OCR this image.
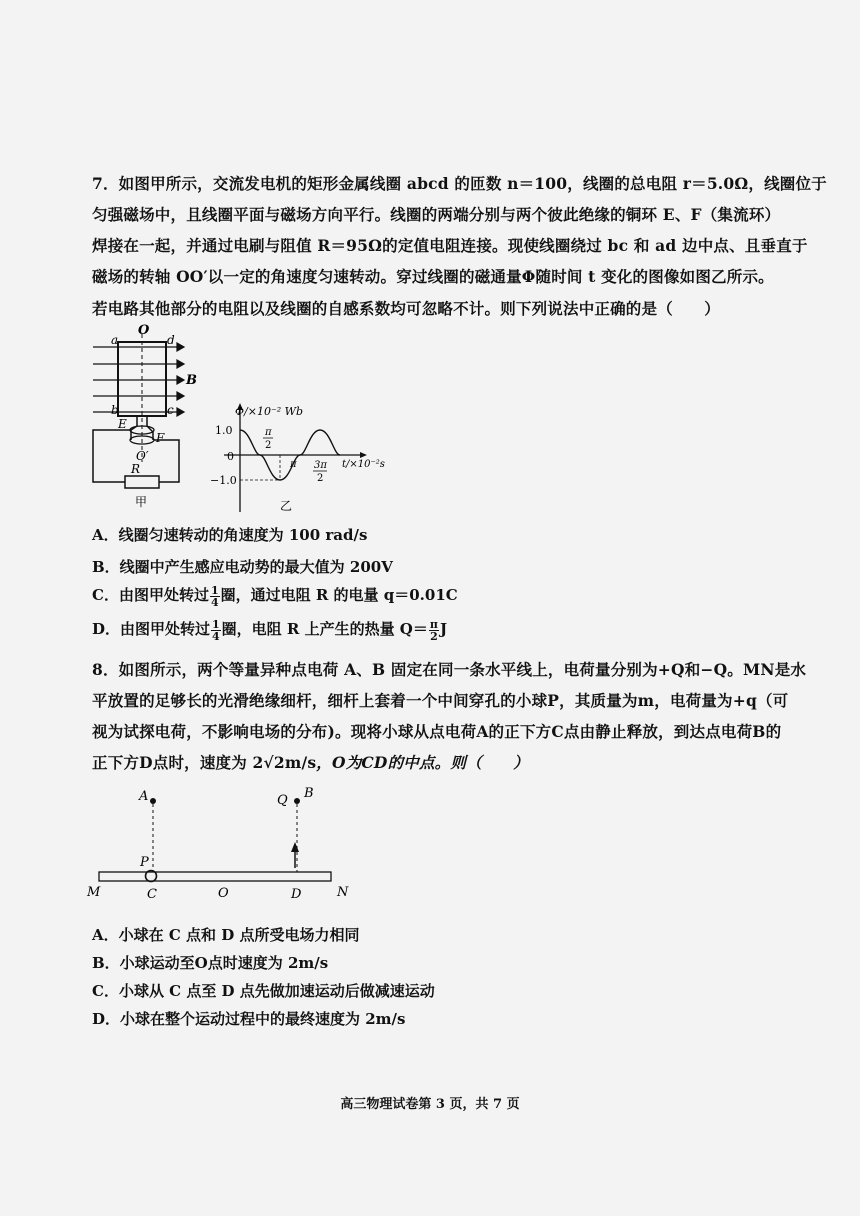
7．如图甲所示，交流发电机的矩形金属线圈 abcd 的匝数 n＝100，线圈的总电阻 r＝5.0Ω，线圈位于
匀强磁场中，且线圈平面与磁场方向平行。线圈的两端分别与两个彼此绝缘的铜环 E、F（集流环）
焊接在一起，并通过电刷与阻值 R＝95Ω的定值电阻连接。现使线圈绕过 bc 和 ad 边中点、且垂直于
磁场的转轴 OO′以一定的角速度匀速转动。穿过线圈的磁通量Φ随时间 t 变化的图像如图乙所示。
若电路其他部分的电阻以及线圈的自感系数均可忽略不计。则下列说法中正确的是（　　）
O
a	d
B
b	c
E
F
O′
R
甲
Φ/×10⁻² Wb
1.0
0
−1.0
π
2
π 3π
2
t/×10⁻²s
乙
A．线圈匀速转动的角速度为 100 rad/s
B．线圈中产生感应电动势的最大值为 200V
C．由图甲处转过 $\frac{1}{4}$ 圈，通过电阻 R 的电量 q＝0.01C
D．由图甲处转过 $\frac{1}{4}$ 圈，电阻 R 上产生的热量 $Q= \frac{\pi}{2}$ J
8．如图所示，两个等量异种点电荷 A、B 固定在同一条水平线上，电荷量分别为+Q和−Q。MN是水
平放置的足够长的光滑绝缘细杆，细杆上套着一个中间穿孔的小球P，其质量为m，电荷量为+q（可
视为试探电荷，不影响电场的分布)。现将小球从点电荷A的正下方C点由静止释放，到达点电荷B的
正下方D点时，速度为 2√2m/s，O为CD的中点。则（　　）
A	Q B
P
M	C	O	D	N
A．小球在 C 点和 D 点所受电场力相同
B．小球运动至O点时速度为 2m/s
C．小球从 C 点至 D 点先做加速运动后做减速运动
D．小球在整个运动过程中的最终速度为 2m/s
高三物理试卷第 3 页，共 7 页
